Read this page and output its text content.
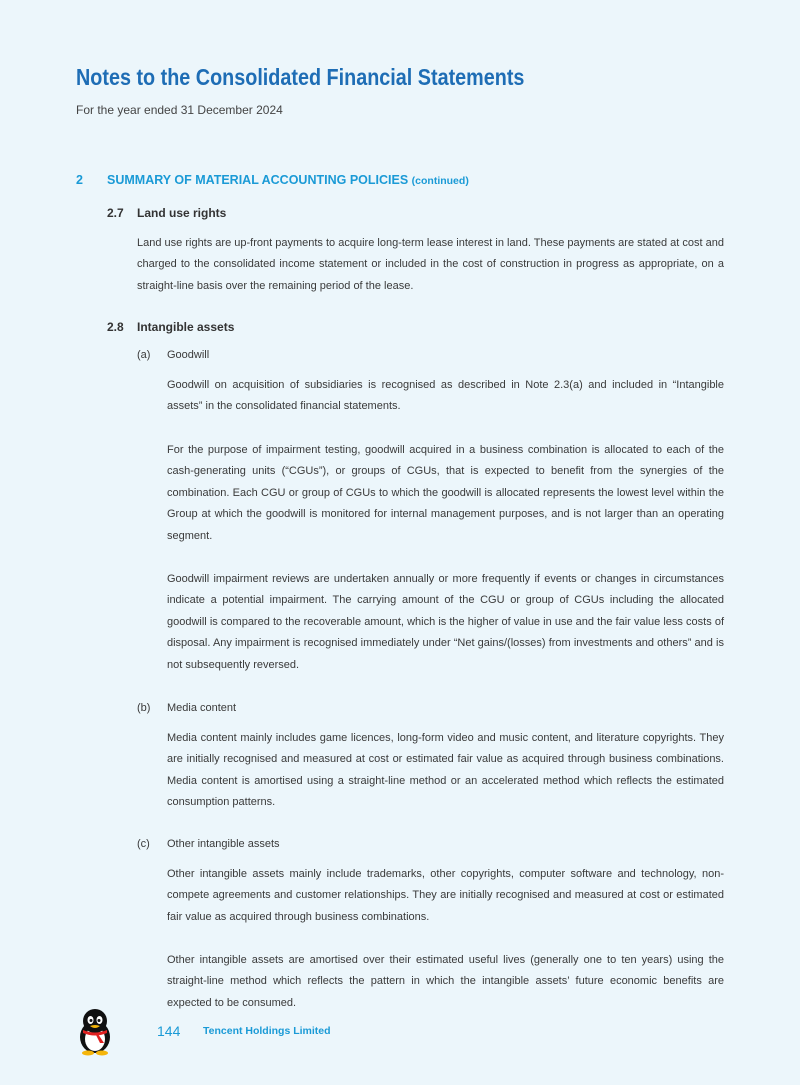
Notes to the Consolidated Financial Statements
For the year ended 31 December 2024
2 SUMMARY OF MATERIAL ACCOUNTING POLICIES (continued)
2.7 Land use rights

Land use rights are up-front payments to acquire long-term lease interest in land. These payments are stated at cost and charged to the consolidated income statement or included in the cost of construction in progress as appropriate, on a straight-line basis over the remaining period of the lease.

2.8 Intangible assets
(a) Goodwill

Goodwill on acquisition of subsidiaries is recognised as described in Note 2.3(a) and included in “Intangible assets” in the consolidated financial statements.

For the purpose of impairment testing, goodwill acquired in a business combination is allocated to each of the cash-generating units (“CGUs”), or groups of CGUs, that is expected to benefit from the synergies of the combination. Each CGU or group of CGUs to which the goodwill is allocated represents the lowest level within the Group at which the goodwill is monitored for internal management purposes, and is not larger than an operating segment.

Goodwill impairment reviews are undertaken annually or more frequently if events or changes in circumstances indicate a potential impairment. The carrying amount of the CGU or group of CGUs including the allocated goodwill is compared to the recoverable amount, which is the higher of value in use and the fair value less costs of disposal. Any impairment is recognised immediately under “Net gains/(losses) from investments and others” and is not subsequently reversed.

(b) Media content

Media content mainly includes game licences, long-form video and music content, and literature copyrights. They are initially recognised and measured at cost or estimated fair value as acquired through business combinations. Media content is amortised using a straight-line method or an accelerated method which reflects the estimated consumption patterns.

(c) Other intangible assets

Other intangible assets mainly include trademarks, other copyrights, computer software and technology, non-compete agreements and customer relationships. They are initially recognised and measured at cost or estimated fair value as acquired through business combinations.

Other intangible assets are amortised over their estimated useful lives (generally one to ten years) using the straight-line method which reflects the pattern in which the intangible assets’ future economic benefits are expected to be consumed.

144 Tencent Holdings Limited
